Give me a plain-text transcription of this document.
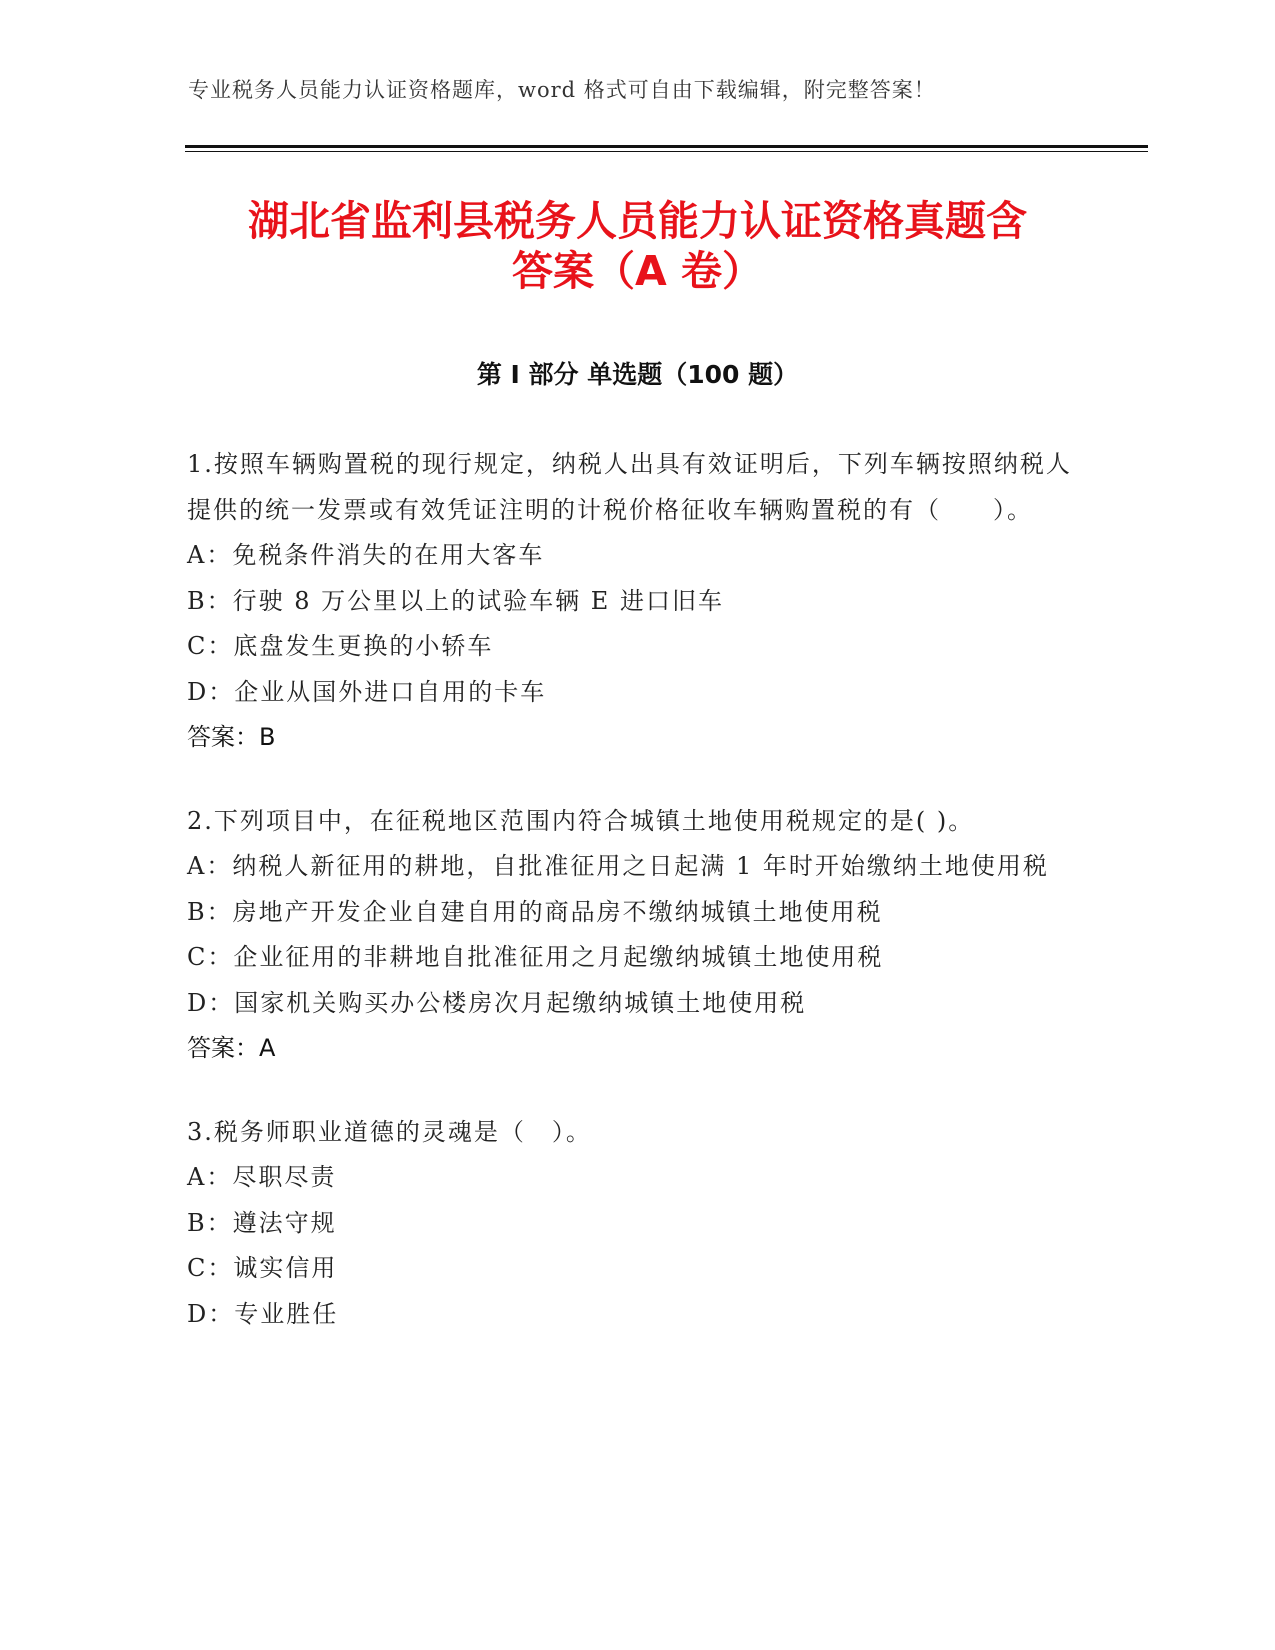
专业税务人员能力认证资格题库，word 格式可自由下载编辑，附完整答案！
湖北省监利县税务人员能力认证资格真题含
答案（A 卷）
第 I 部分 单选题（100 题）
1.按照车辆购置税的现行规定，纳税人出具有效证明后，下列车辆按照纳税人提供的统一发票或有效凭证注明的计税价格征收车辆购置税的有（　　）。
A：免税条件消失的在用大客车
B：行驶 8 万公里以上的试验车辆 E 进口旧车
C：底盘发生更换的小轿车
D：企业从国外进口自用的卡车
答案：B
2.下列项目中，在征税地区范围内符合城镇土地使用税规定的是( )。
A：纳税人新征用的耕地，自批准征用之日起满 1 年时开始缴纳土地使用税
B：房地产开发企业自建自用的商品房不缴纳城镇土地使用税
C：企业征用的非耕地自批准征用之月起缴纳城镇土地使用税
D：国家机关购买办公楼房次月起缴纳城镇土地使用税
答案：A
3.税务师职业道德的灵魂是（　）。
A：尽职尽责
B：遵法守规
C：诚实信用
D：专业胜任
